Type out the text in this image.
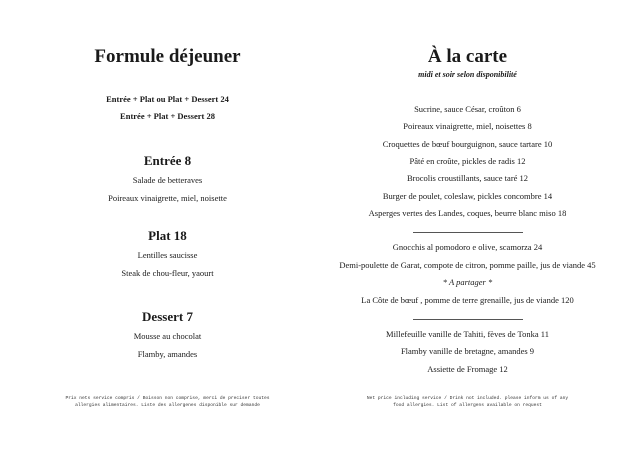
Formule déjeuner
Entrée + Plat ou Plat + Dessert 24
Entrée + Plat + Dessert 28
Entrée 8
Salade de betteraves
Poireaux vinaigrette, miel, noisette
Plat 18
Lentilles saucisse
Steak de chou-fleur, yaourt
Dessert 7
Mousse au chocolat
Flamby, amandes
Prix nets service compris / Boisson non comprise, merci de preciser toutes
allergies alimentaires. Liste des allergenes disponible sur demande
À la carte
midi et soir selon disponibilité
Sucrine, sauce César, croûton 6
Poireaux vinaigrette, miel, noisettes 8
Croquettes de bœuf bourguignon, sauce tartare 10
Pâté en croûte, pickles de radis 12
Brocolis croustillants, sauce taré 12
Burger de poulet, coleslaw, pickles concombre 14
Asperges vertes des Landes, coques, beurre blanc miso 18
Gnocchis al pomodoro e olive, scamorza 24
Demi-poulette de Garat, compote de citron, pomme paille, jus de viande 45
* A partager *
La Côte de bœuf , pomme de terre grenaille, jus de viande 120
Millefeuille vanille de Tahiti, fèves de Tonka 11
Flamby vanille de bretagne, amandes 9
Assiette de Fromage 12
Net price including service / Drink not included. please inform us of any
food allergies. List of allergens available on request
